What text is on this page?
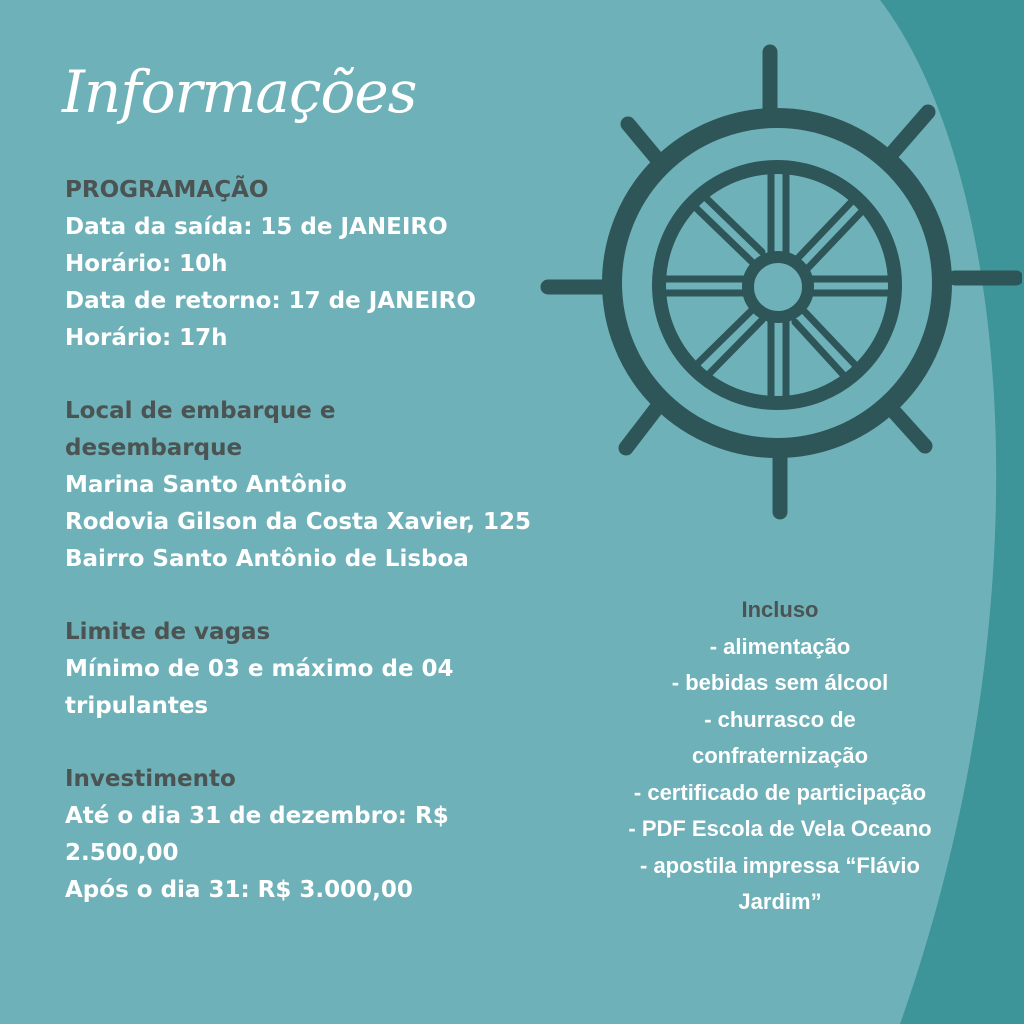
Informações
PROGRAMAÇÃO
Data da saída: 15 de JANEIRO
Horário: 10h
Data de retorno: 17 de JANEIRO
Horário: 17h
Local de embarque e
desembarque
Marina Santo Antônio
Rodovia Gilson da Costa Xavier, 125
Bairro Santo Antônio de Lisboa
Limite de vagas
Mínimo de 03 e máximo de 04
tripulantes
Investimento
Até o dia 31 de dezembro: R$
2.500,00
Após o dia 31: R$ 3.000,00
Incluso
- alimentação
- bebidas sem álcool
- churrasco de
confraternização
- certificado de participação
- PDF Escola de Vela Oceano
- apostila impressa “Flávio
Jardim”
